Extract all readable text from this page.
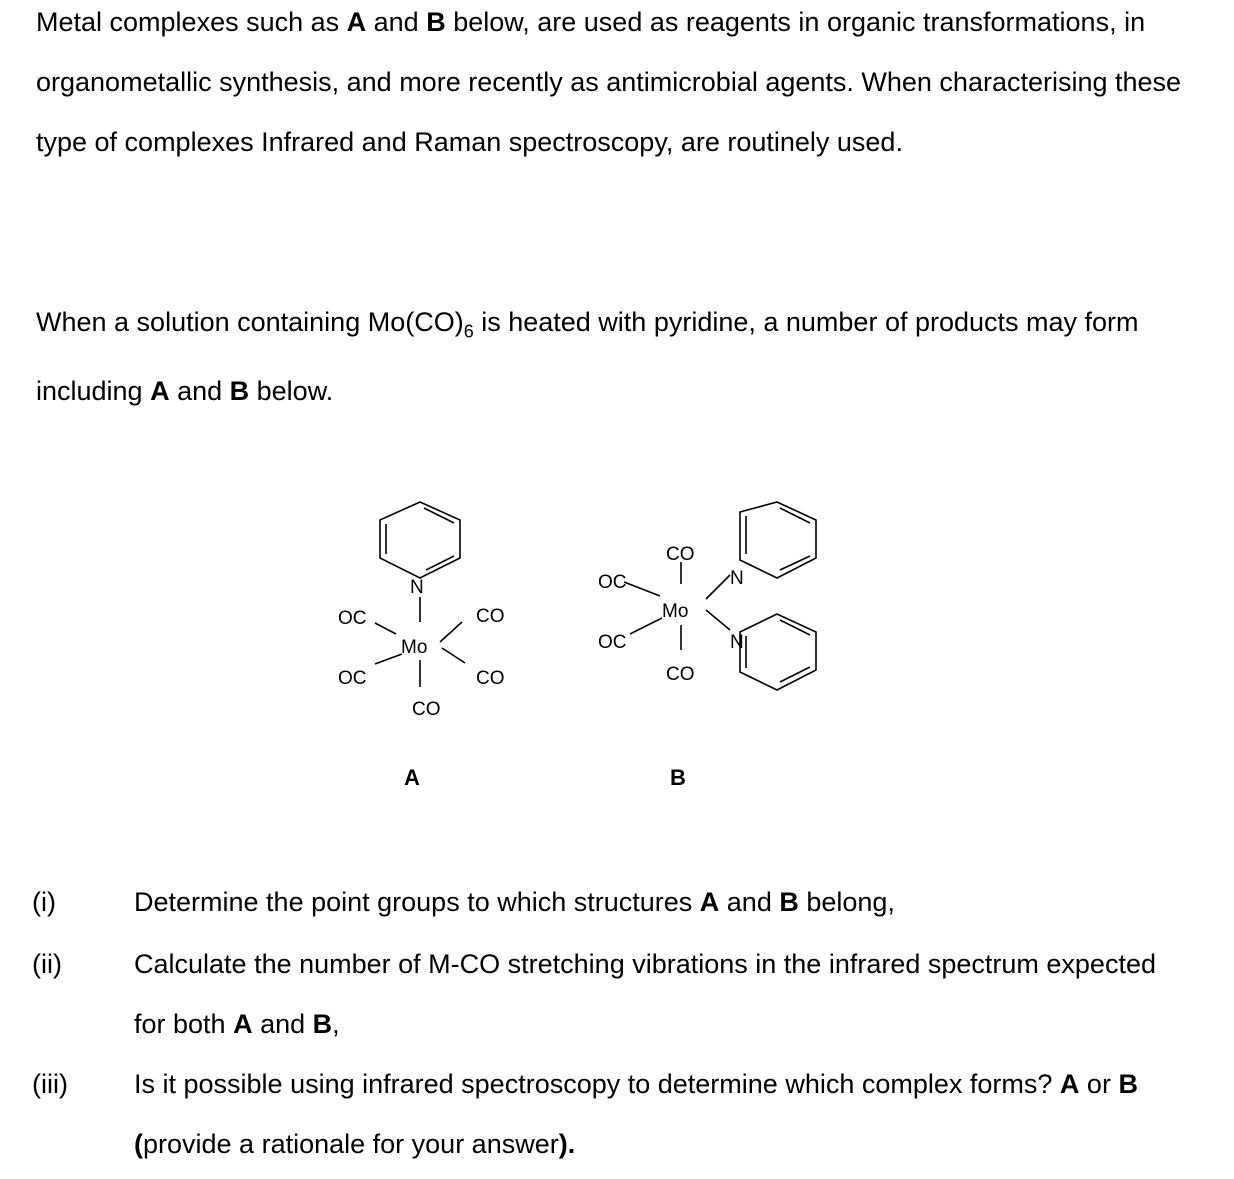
Metal complexes such as A and B below, are used as reagents in organic transformations, in organometallic synthesis, and more recently as antimicrobial agents. When characterising these type of complexes Infrared and Raman spectroscopy, are routinely used.

When a solution containing $Mo(CO)_6$ is heated with pyridine, a number of products may form including A and B below.

N
Mo
OC
OC
CO
CO
CO
A
CO
OC
OC
Mo
CO
N
N
B
(i)	Determine the point groups to which structures A and B belong,
(ii)	Calculate the number of M-CO stretching vibrations in the infrared spectrum expected for both A and B,
(iii) Is it possible using infrared spectroscopy to determine which complex forms? A or B (provide a rationale for your answer).
